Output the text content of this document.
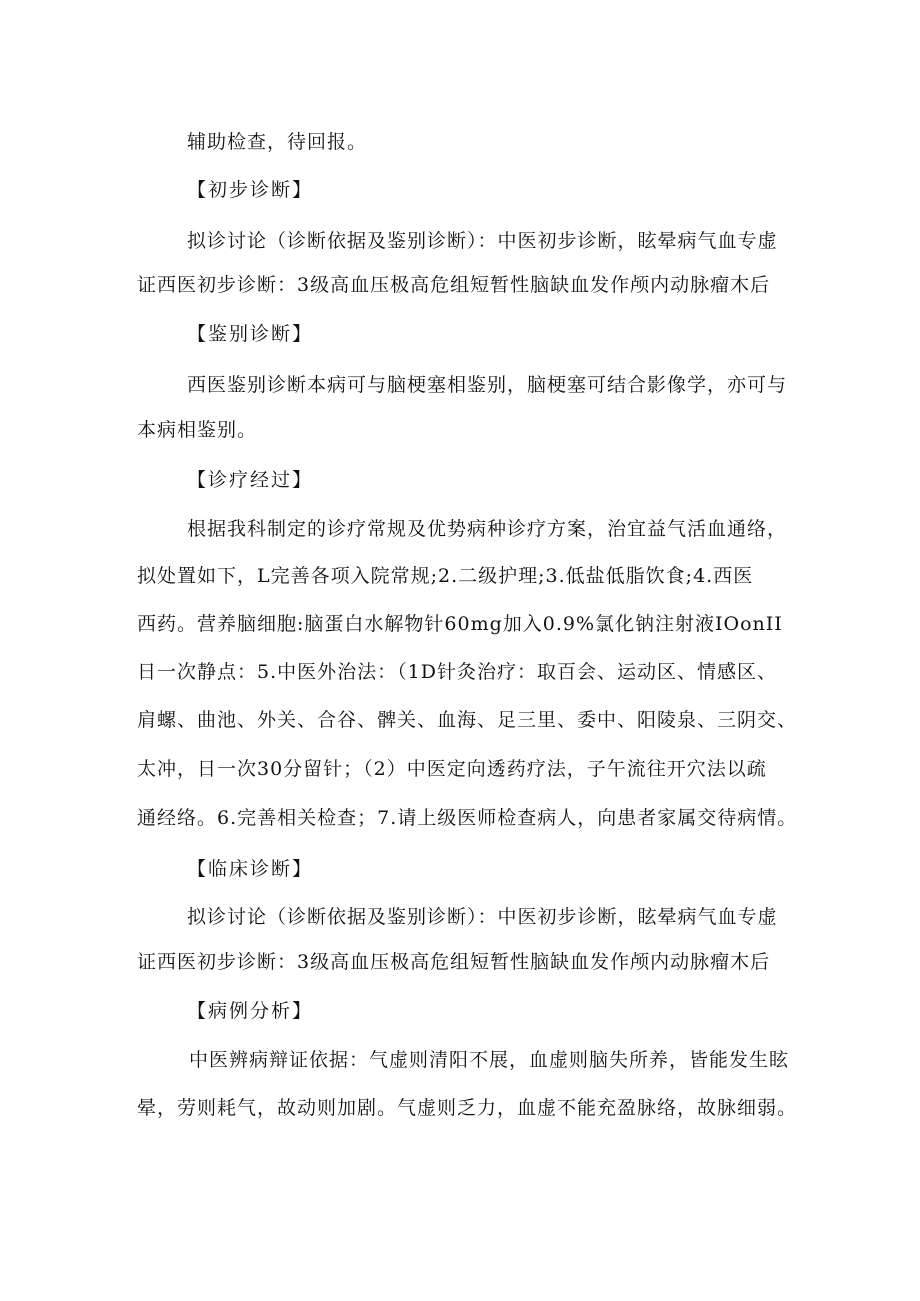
辅助检查，待回报。
【初步诊断】
拟诊讨论（诊断依据及鉴别诊断）：中医初步诊断，眩晕病气血专虚
证西医初步诊断：3级高血压极高危组短暂性脑缺血发作颅内动脉瘤木后
【鉴别诊断】
西医鉴别诊断本病可与脑梗塞相鉴别，脑梗塞可结合影像学，亦可与
本病相鉴别。
【诊疗经过】
根据我科制定的诊疗常规及优势病种诊疗方案，治宜益气活血通络，
拟处置如下，L完善各项入院常规;2.二级护理;3.低盐低脂饮食;4.西医
西药。营养脑细胞:脑蛋白水解物针60mg加入0.9%氯化钠注射液IOonII
日一次静点：5.中医外治法：（1D针灸治疗：取百会、运动区、情感区、
肩螺、曲池、外关、合谷、髀关、血海、足三里、委中、阳陵泉、三阴交、
太冲，日一次30分留针；（2）中医定向透药疗法，子午流往开穴法以疏
通经络。6.完善相关检查；7.请上级医师检查病人，向患者家属交待病情。
【临床诊断】
拟诊讨论（诊断依据及鉴别诊断）：中医初步诊断，眩晕病气血专虚
证西医初步诊断：3级高血压极高危组短暂性脑缺血发作颅内动脉瘤木后
【病例分析】
中医辨病辩证依据：气虚则清阳不展，血虚则脑失所养，皆能发生眩
晕，劳则耗气，故动则加剧。气虚则乏力，血虚不能充盈脉络，故脉细弱。
